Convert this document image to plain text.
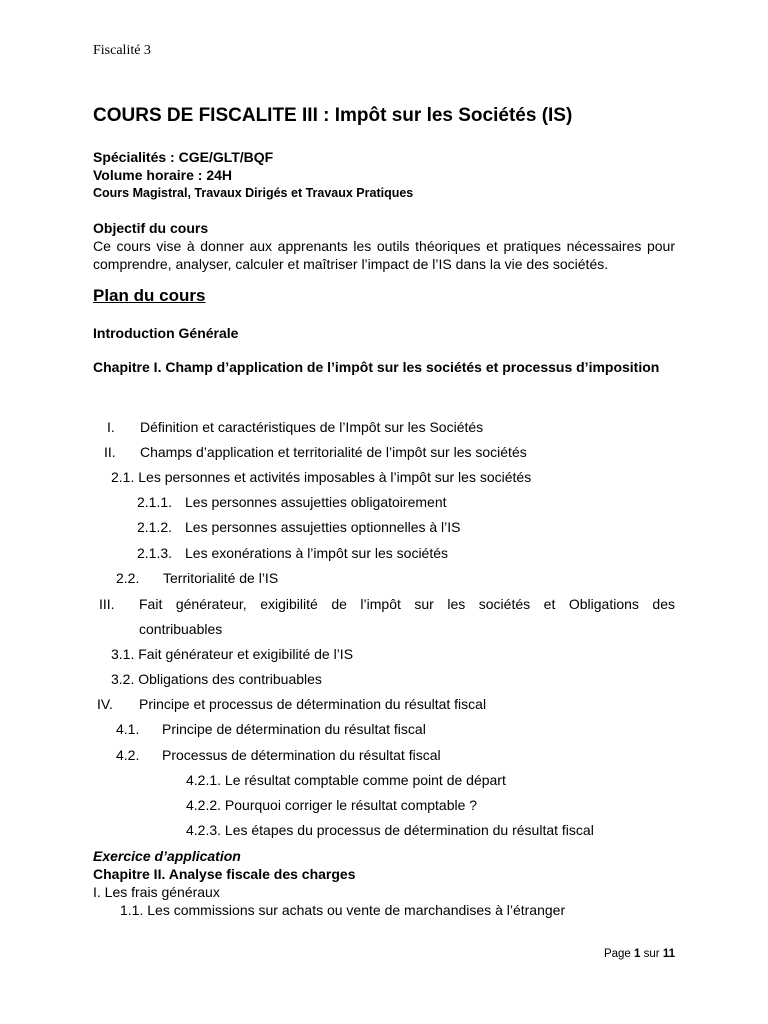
Fiscalité 3
COURS DE FISCALITE III : Impôt sur les Sociétés (IS)
Spécialités : CGE/GLT/BQF
Volume horaire : 24H
Cours Magistral, Travaux Dirigés et Travaux Pratiques
Objectif du cours
Ce cours vise à donner aux apprenants les outils théoriques et pratiques nécessaires pour comprendre, analyser, calculer et maîtriser l’impact de l’IS dans la vie des sociétés.
Plan du cours
Introduction Générale
Chapitre I. Champ d’application de l’impôt sur les sociétés et processus d’imposition
I. Définition et caractéristiques de l’Impôt sur les Sociétés
II. Champs d’application et territorialité de l’impôt sur les sociétés
2.1. Les personnes et activités imposables à l’impôt sur les sociétés
2.1.1. Les personnes assujetties obligatoirement
2.1.2. Les personnes assujetties optionnelles à l’IS
2.1.3. Les exonérations à l’impôt sur les sociétés
2.2. Territorialité de l’IS
III. Fait générateur, exigibilité de l’impôt sur les sociétés et Obligations des
contribuables
3.1. Fait générateur et exigibilité de l’IS
3.2. Obligations des contribuables
IV. Principe et processus de détermination du résultat fiscal
4.1. Principe de détermination du résultat fiscal
4.2. Processus de détermination du résultat fiscal
4.2.1. Le résultat comptable comme point de départ
4.2.2. Pourquoi corriger le résultat comptable ?
4.2.3. Les étapes du processus de détermination du résultat fiscal
Exercice d’application
Chapitre II. Analyse fiscale des charges
I. Les frais généraux
1.1. Les commissions sur achats ou vente de marchandises à l’étranger
Page 1 sur 11
